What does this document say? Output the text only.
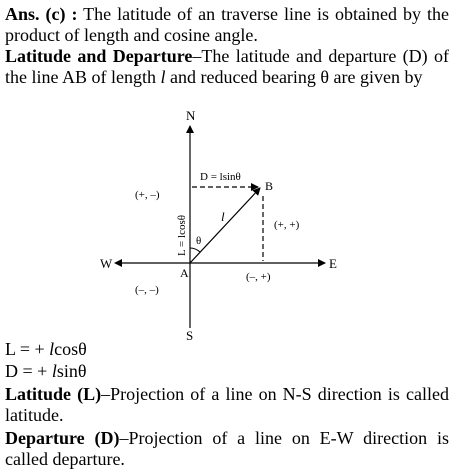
Ans. (c) : The latitude of an traverse line is obtained by the product of length and cosine angle.
Latitude and Departure–The latitude and departure (D) of the line AB of length l and reduced bearing θ are given by
N
S
E
W
A
B
D = lsinθ
L = lcosθ	l
θ
(+, +)
(+, –)
(–, –)
(–, +)
L = + lcosθ
D = + lsinθ
Latitude (L)–Projection of a line on N-S direction is called latitude.
Departure (D)–Projection of a line on E-W direction is called departure.
